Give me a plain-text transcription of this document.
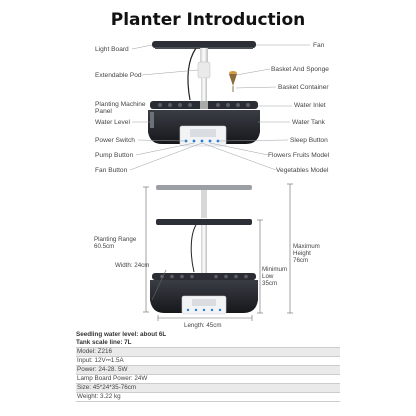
Planter Introduction
Light Board
Extendable Pod
Planting Machine Panel
Water Level
Power Switch
Pump Button
Fan Button
Fan
Basket And Sponge
Basket Container
Water Inlet
Water Tank
Sleep Button
Flowers Fruits Model
Vegetables Model
Planting Range
60.5cm
Width: 24cm
Length: 45cm
Minimum Low
35cm
Maximum Height
76cm
Seedling water level: about 6L
Tank scale line: 7L
Model: Z216
Input: 12V⎓1.5A
Power: 24-28. 5W
Lamp Board Power: 24W
Size: 45*24*35-76cm
Weight: 3.22 kg
